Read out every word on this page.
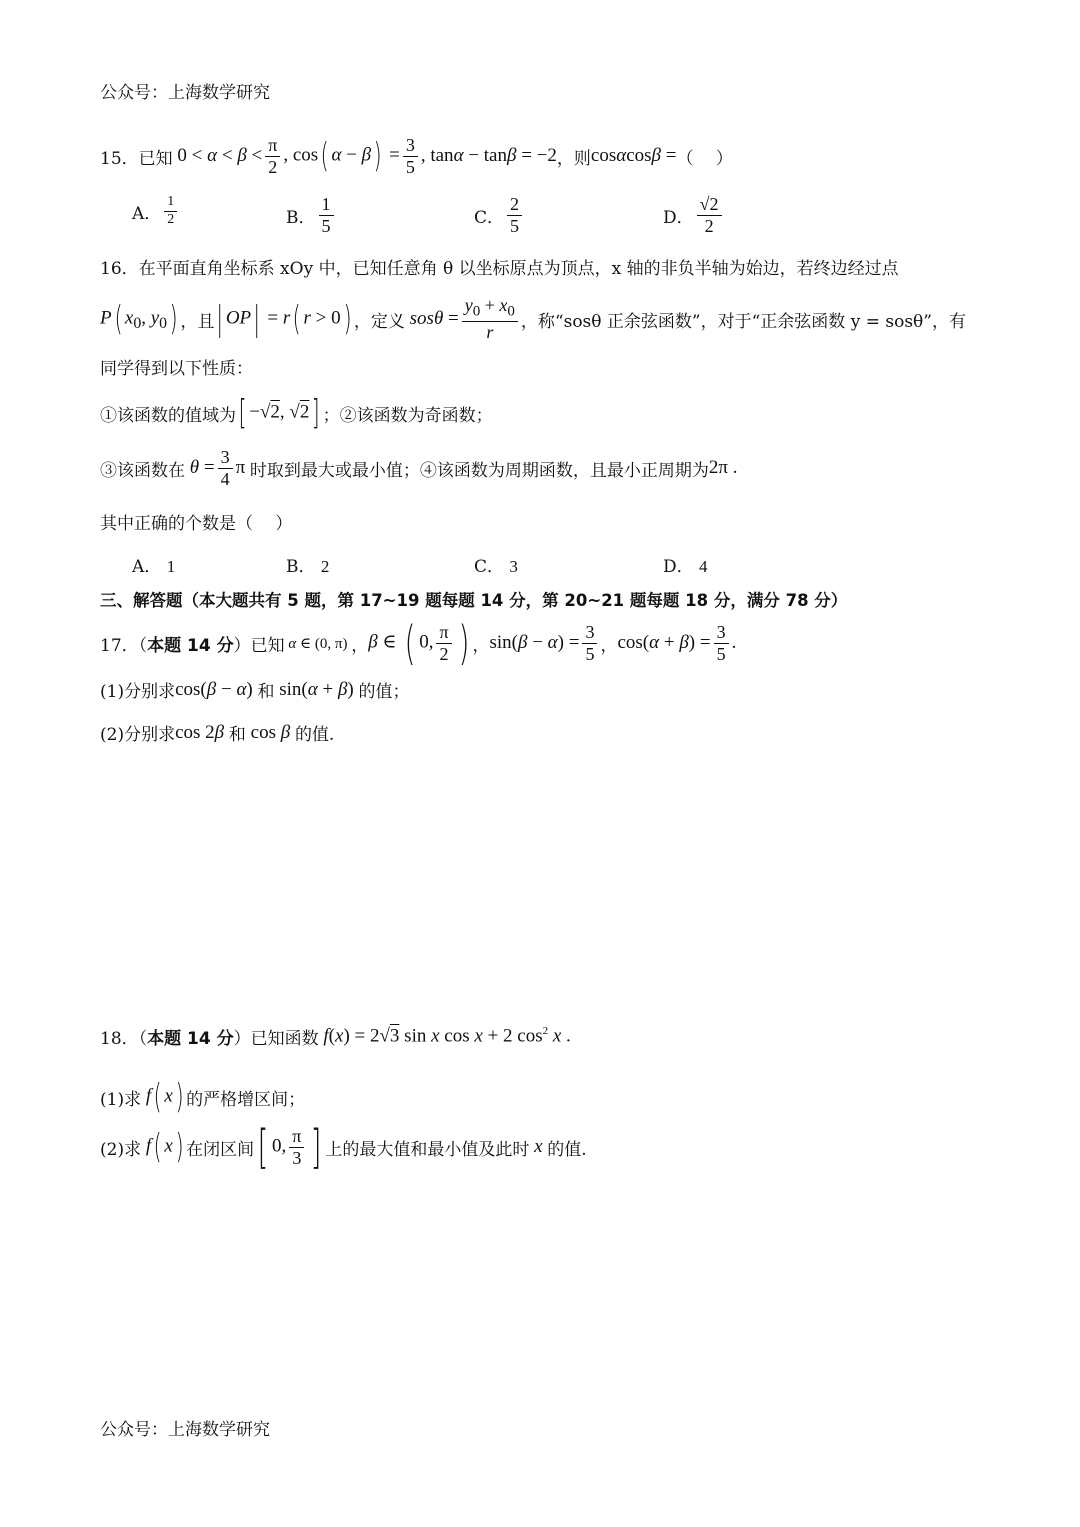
公众号：上海数学研究
15． 已知 $0 < \alpha < \beta < \frac{\pi}{2}$ , cos( $\alpha - \beta) = \frac{3}{5}$ , tanα − tanβ = −2 ，则 cosαcosβ = （　 ）
A． $\frac{1}{2}$	B． $\frac{1}{5}$	C． $\frac{2}{5}$	D． $\frac{√2}{2}$
16． 在平面直角坐标系 xOy 中，已知任意角 θ 以坐标原点为顶点，x 轴的非负半轴为始边，若终边经过点
P( $x_0$, $y_0$) ，且 | OP| = r( r > 0) ，定义 $sos\theta = \frac{y_0 + x_0}{r}$ ，称“sosθ 正余弦函数”，对于“正余弦函数 y = sosθ”，有
同学得到以下性质：
①该函数的值域为 [ −√2, √2] ；②该函数为奇函数；
③该函数在 $\theta = \frac{3}{4}$ π 时取到最大或最小值；④该函数为周期函数，且最小正周期为 2π .
其中正确的个数是（　 ）
A． 1	B． 2	C． 3	D． 4
三、解答题（本大题共有 5 题，第 17~19 题每题 14 分，第 20~21 题每题 18 分，满分 78 分）
17．（ 本题 14 分 ） 已知 α ∈ (0, π) ， β ∈ ( 0, $\frac{\pi}{2}$ ) ， $\sin(\beta - \alpha) = \frac{3}{5}$ ， $\cos(\alpha + \beta) = \frac{3}{5}$ .
(1)分别求 cos(β − α) 和 sin(α + β) 的值；
(2)分别求 cos 2β 和 cos β 的值.
18．（ 本题 14 分 ） 已知函数 f(x) = 2√3 sin x cos x + 2 $\cos^2 x$ .
(1)求 f( x) 的严格增区间；
(2)求 f( x) 在闭区间 [ 0, $\frac{\pi}{3}$ ] 上的最大值和最小值及此时 x 的值.
公众号：上海数学研究
